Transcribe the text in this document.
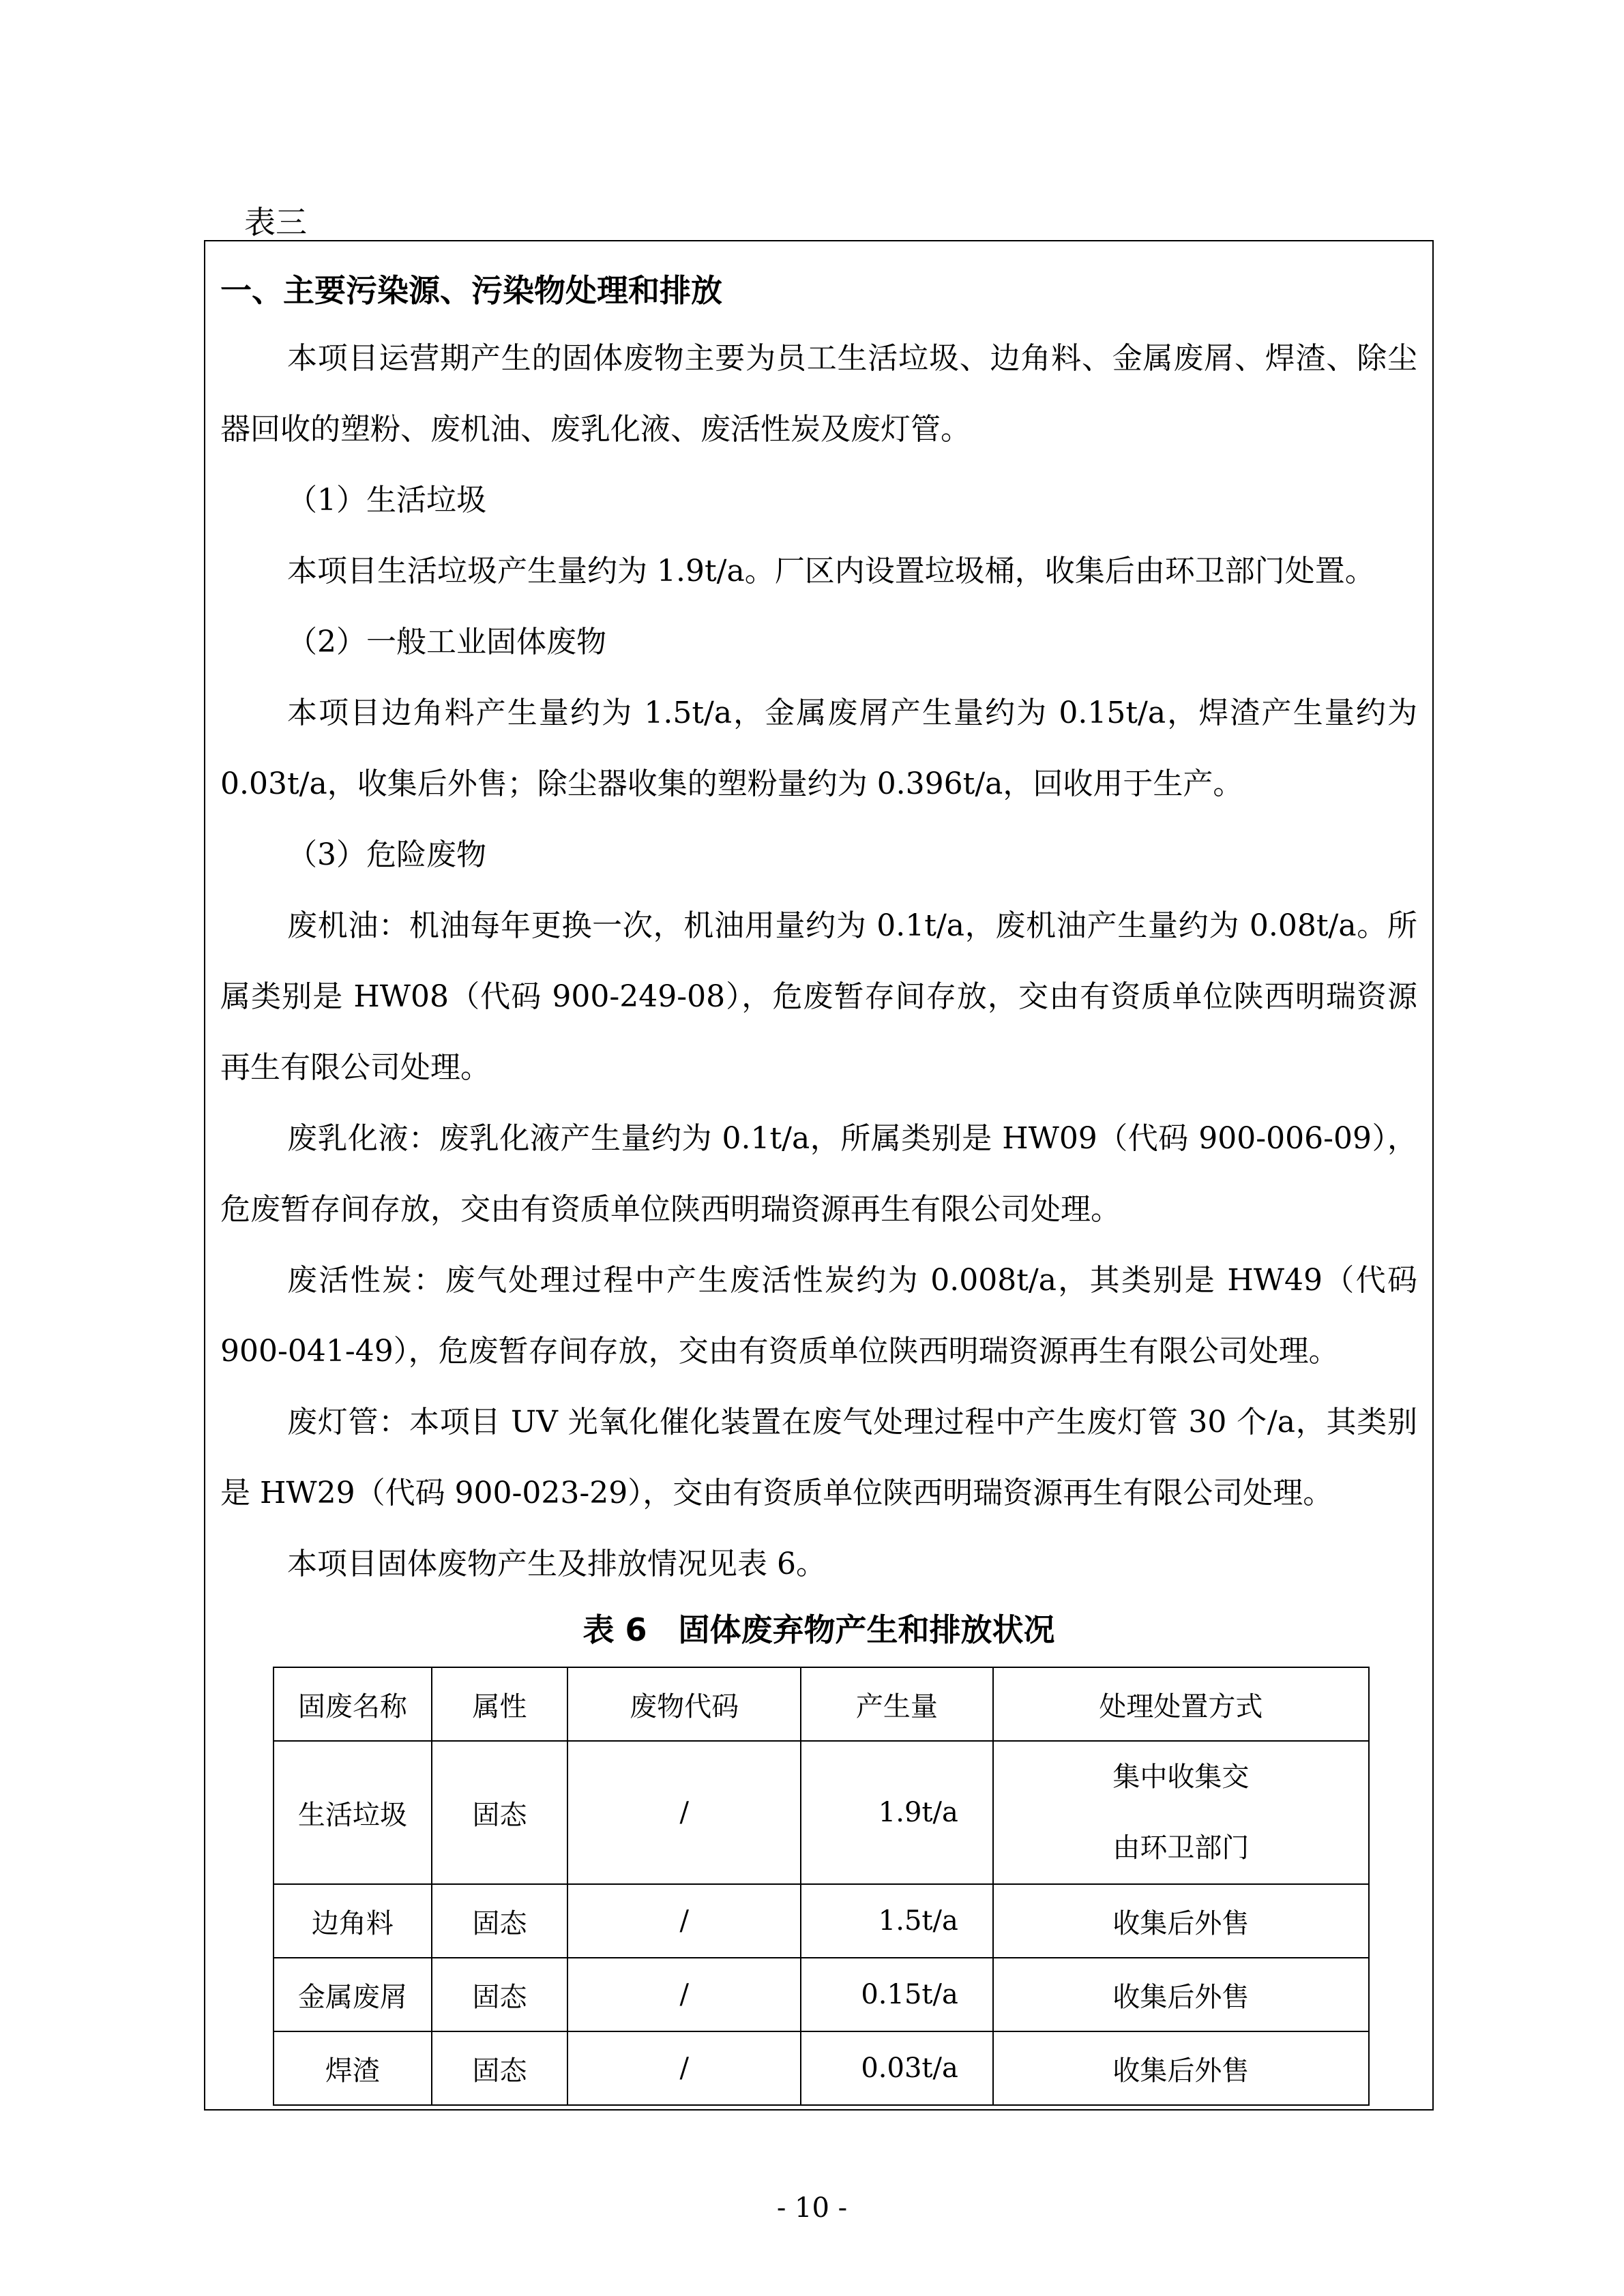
表三
一、主要污染源、污染物处理和排放

本项目运营期产生的固体废物主要为员工生活垃圾、边角料、金属废屑、焊渣、除尘器回收的塑粉、废机油、废乳化液、废活性炭及废灯管。

（1）生活垃圾

本项目生活垃圾产生量约为 1.9t/a。厂区内设置垃圾桶，收集后由环卫部门处置。

（2）一般工业固体废物

本项目边角料产生量约为 1.5t/a，金属废屑产生量约为 0.15t/a，焊渣产生量约为 0.03t/a，收集后外售；除尘器收集的塑粉量约为 0.396t/a，回收用于生产。

（3）危险废物

废机油：机油每年更换一次，机油用量约为 0.1t/a，废机油产生量约为 0.08t/a。所属类别是 HW08（代码 900-249-08），危废暂存间存放，交由有资质单位陕西明瑞资源再生有限公司处理。

废乳化液：废乳化液产生量约为 0.1t/a，所属类别是 HW09（代码 900-006-09），危废暂存间存放，交由有资质单位陕西明瑞资源再生有限公司处理。

废活性炭：废气处理过程中产生废活性炭约为 0.008t/a，其类别是 HW49（代码 900-041-49），危废暂存间存放，交由有资质单位陕西明瑞资源再生有限公司处理。

废灯管：本项目 UV 光氧化催化装置在废气处理过程中产生废灯管 30 个/a，其类别是 HW29（代码 900-023-29），交由有资质单位陕西明瑞资源再生有限公司处理。

本项目固体废物产生及排放情况见表 6。

表 6　固体废弃物产生和排放状况
固废名称	属性	废物代码	产生量	处理处置方式
生活垃圾	固态	/	1.9t/a	集中收集交
由环卫部门

边角料	固态	/	1.5t/a	收集后外售
金属废屑	固态	/	0.15t/a	收集后外售
焊渣	固态	/	0.03t/a	收集后外售
- 10 -
